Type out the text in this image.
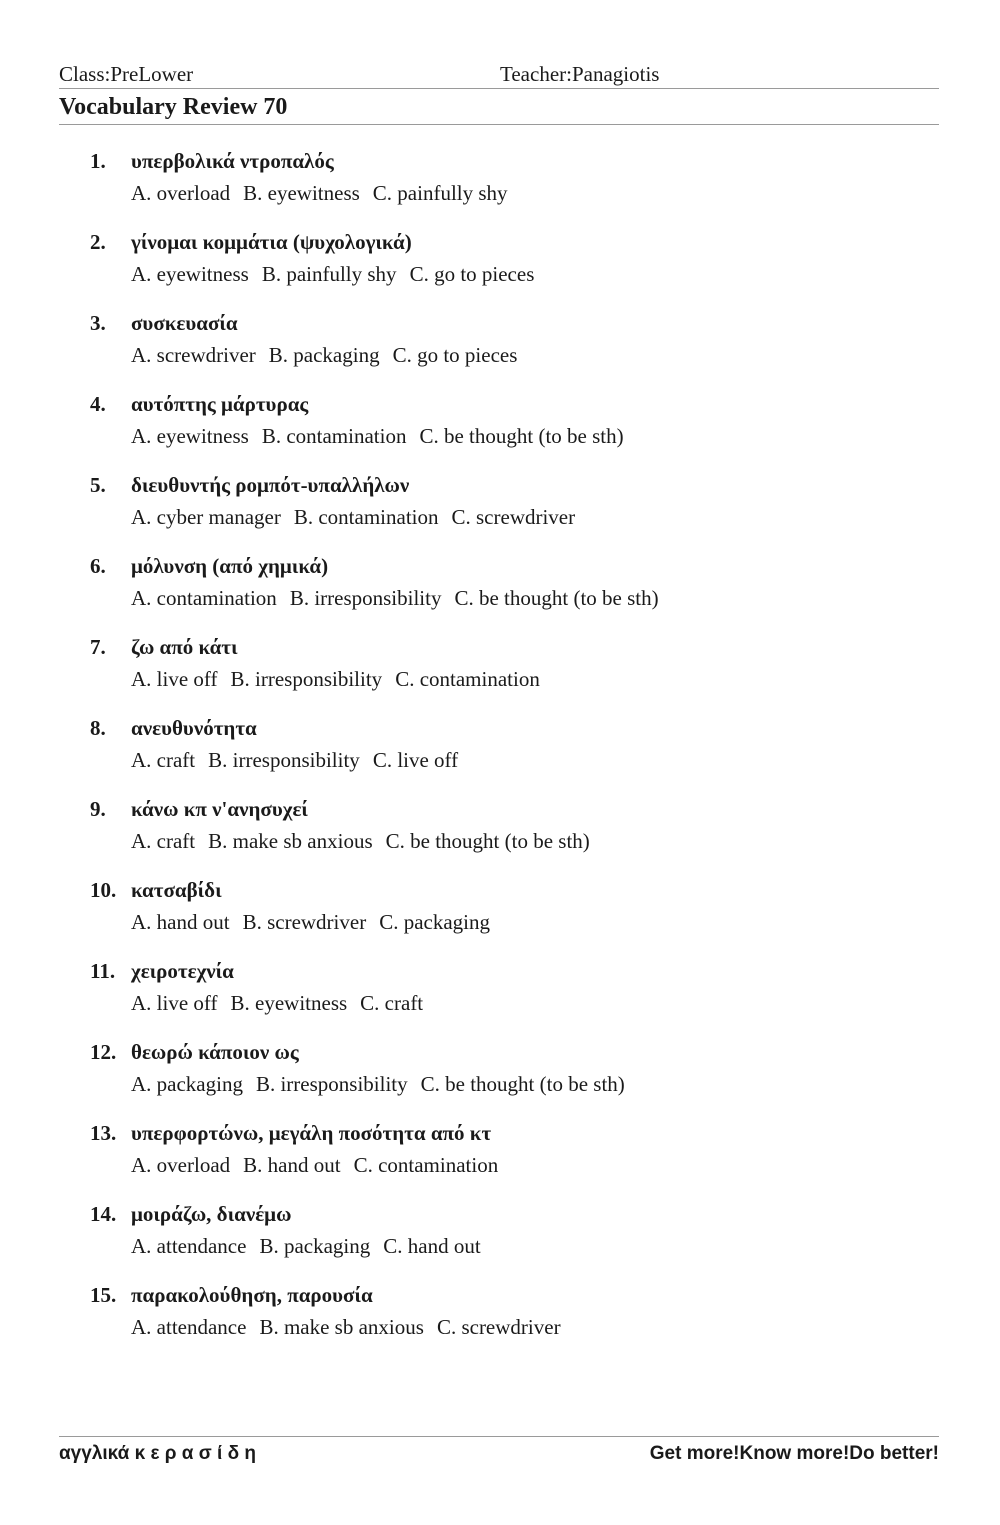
Class:PreLower	Teacher:Panagiotis
Vocabulary Review 70
1. υπερβολικά ντροπαλός
A. overload B. eyewitness C. painfully shy
2. γίνομαι κομμάτια (ψυχολογικά)
A. eyewitness B. painfully shy C. go to pieces
3. συσκευασία
A. screwdriver B. packaging C. go to pieces
4. αυτόπτης μάρτυρας
A. eyewitness B. contamination C. be thought (to be sth)
5. διευθυντής ρομπότ-υπαλλήλων
A. cyber manager B. contamination C. screwdriver
6. μόλυνση (από χημικά)
A. contamination B. irresponsibility C. be thought (to be sth)
7. ζω από κάτι
A. live off B. irresponsibility C. contamination
8. ανευθυνότητα
A. craft B. irresponsibility C. live off
9. κάνω κπ ν'ανησυχεί
A. craft B. make sb anxious C. be thought (to be sth)
10. κατσαβίδι
A. hand out B. screwdriver C. packaging
11. χειροτεχνία
A. live off B. eyewitness C. craft
12. θεωρώ κάποιον ως
A. packaging B. irresponsibility C. be thought (to be sth)
13. υπερφορτώνω, μεγάλη ποσότητα από κτ
A. overload B. hand out C. contamination
14. μοιράζω, διανέμω
A. attendance B. packaging C. hand out
15. παρακολούθηση, παρουσία
A. attendance B. make sb anxious C. screwdriver
αγγλικά κ ε ρ α σ ί δ η	Get more!Know more!Do better!
